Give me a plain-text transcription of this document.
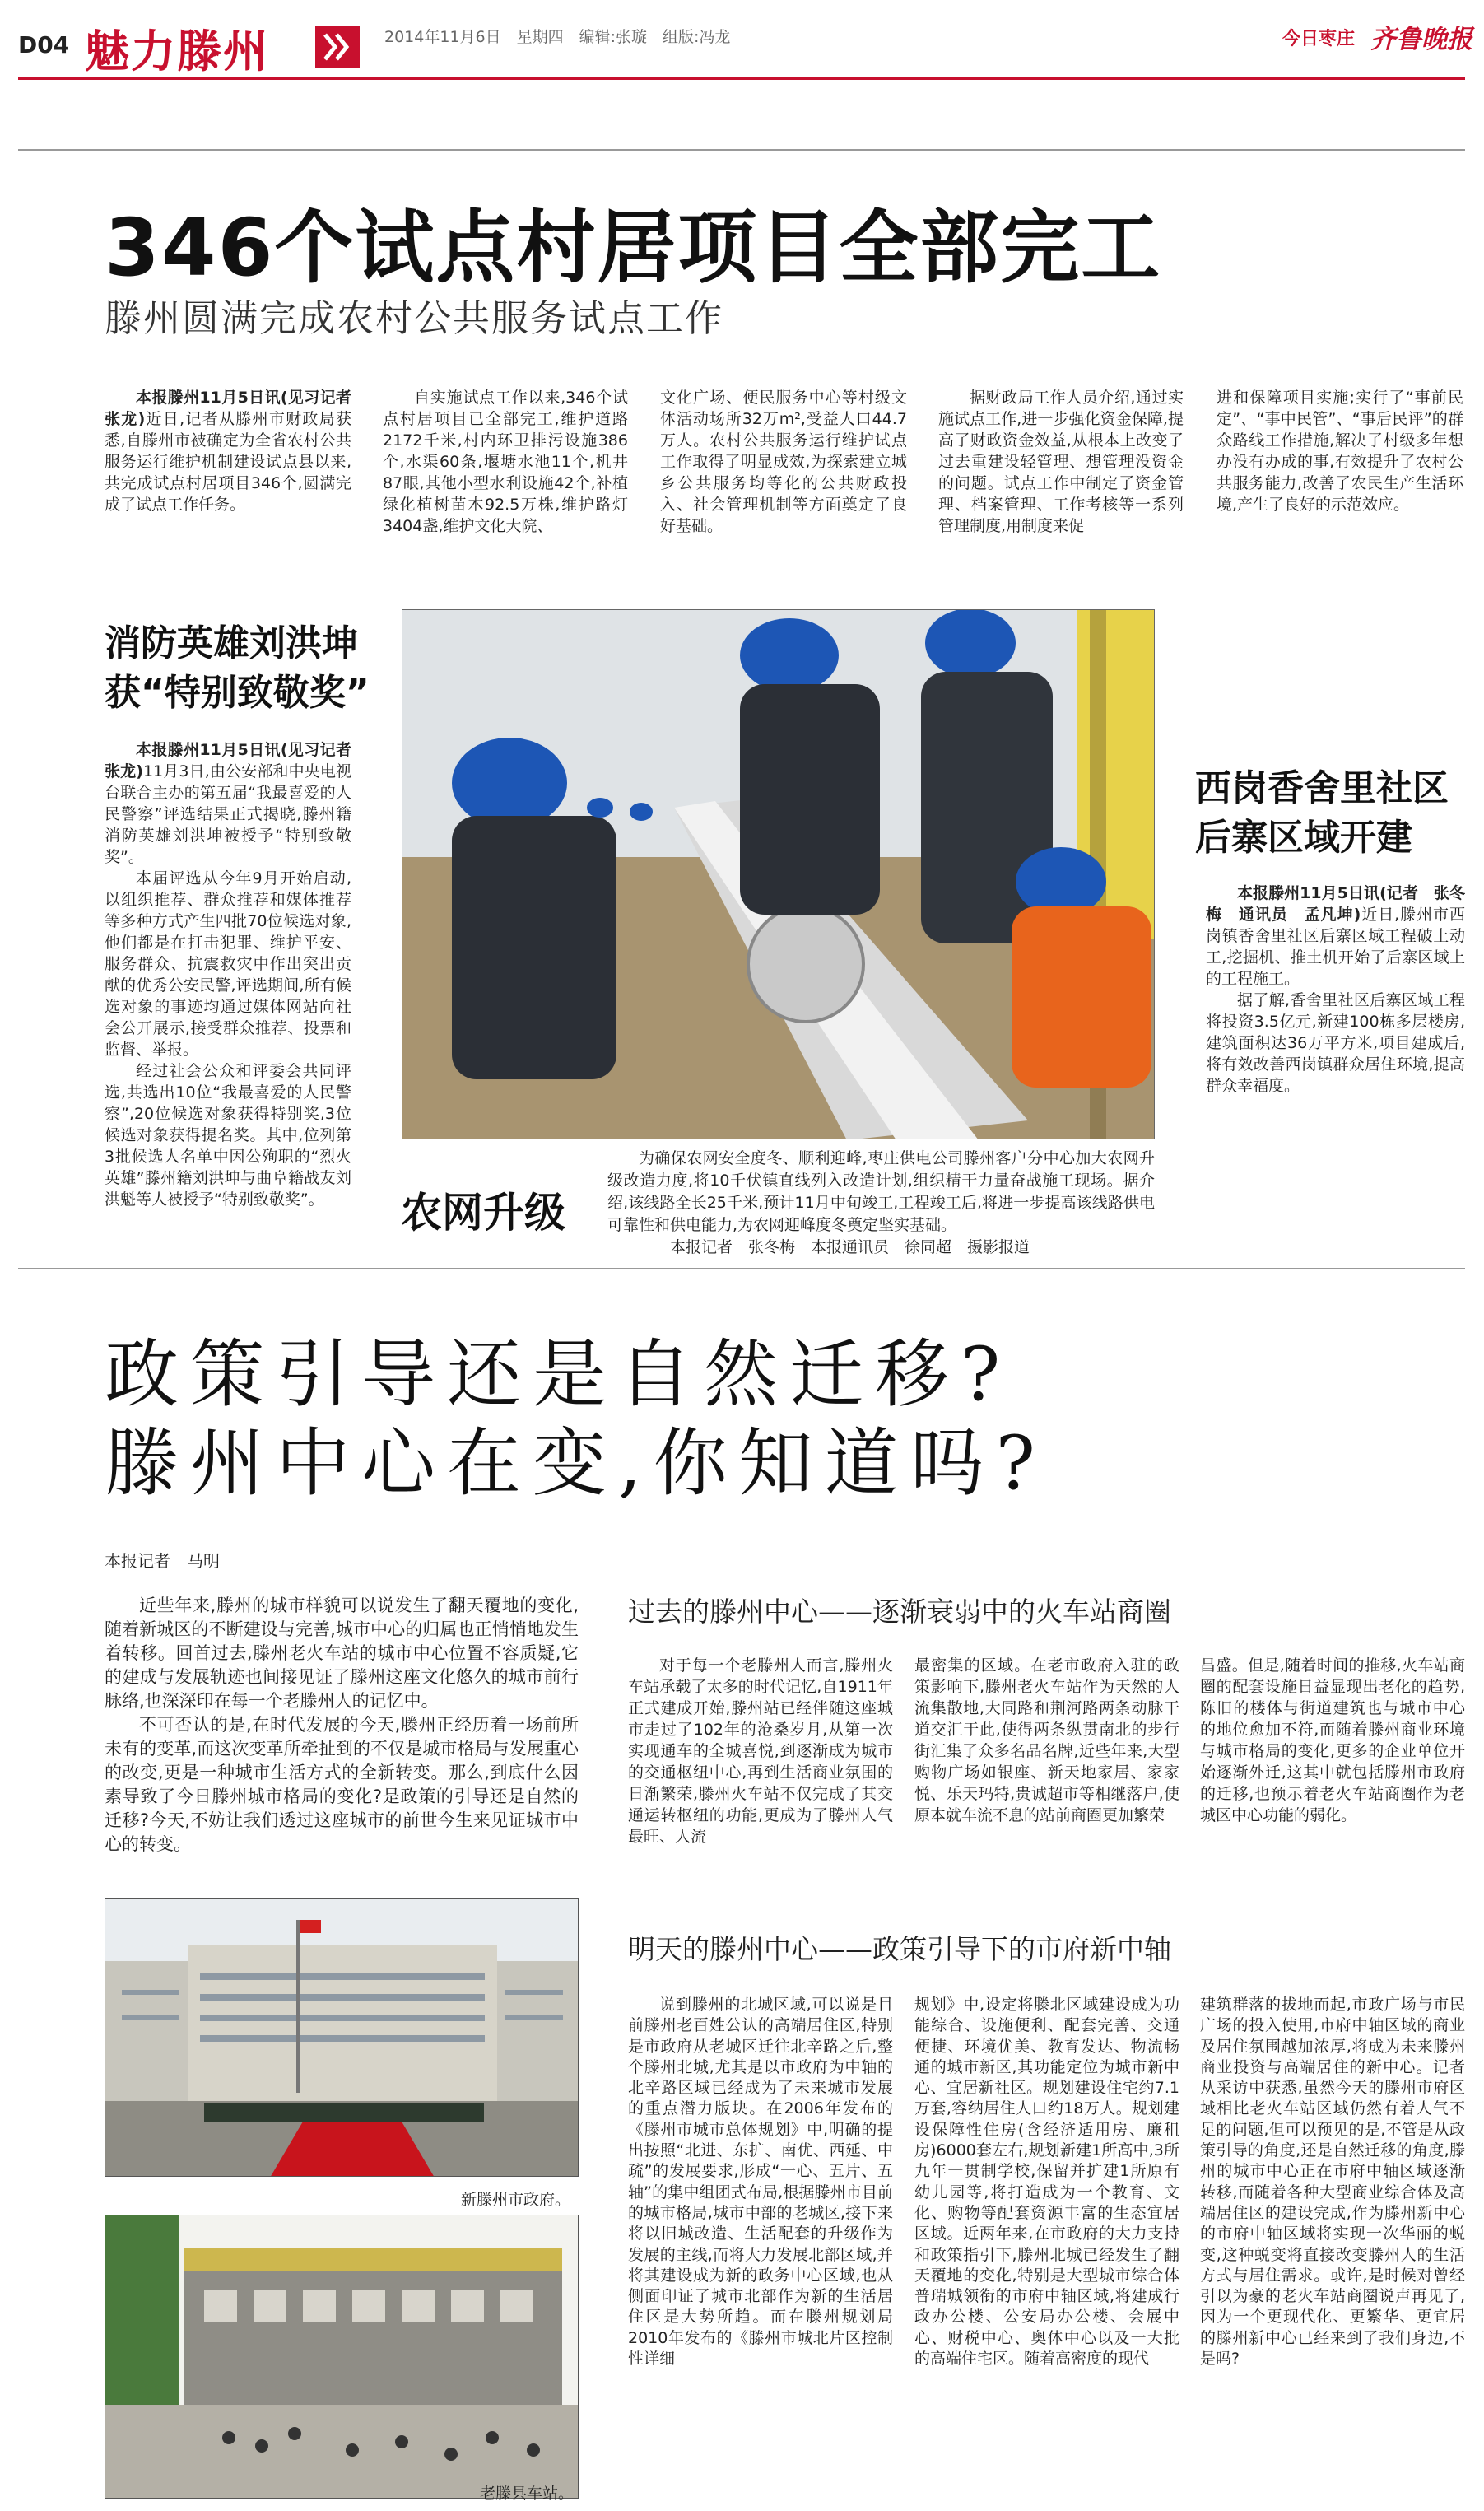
D04 魅力滕州	2014年11月6日　星期四　编辑:张璇　组版:冯龙	今日枣庄 齐鲁晚报
346个试点村居项目全部完工
滕州圆满完成农村公共服务试点工作

本报滕州11月5日讯(见习记者　张龙)近日,记者从滕州市财政局获悉,自滕州市被确定为全省农村公共服务运行维护机制建设试点县以来,共完成试点村居项目346个,圆满完成了试点工作任务。

自实施试点工作以来,346个试点村居项目已全部完工,维护道路2172千米,村内环卫排污设施386个,水渠60条,堰塘水池11个,机井87眼,其他小型水利设施42个,补植绿化植树苗木92.5万株,维护路灯3404盏,维护文化大院、

文化广场、便民服务中心等村级文体活动场所32万m²,受益人口44.7万人。农村公共服务运行维护试点工作取得了明显成效,为探索建立城乡公共服务均等化的公共财政投入、社会管理机制等方面奠定了良好基础。

据财政局工作人员介绍,通过实施试点工作,进一步强化资金保障,提高了财政资金效益,从根本上改变了过去重建设轻管理、想管理没资金的问题。试点工作中制定了资金管理、档案管理、工作考核等一系列管理制度,用制度来促

进和保障项目实施;实行了“事前民定”、“事中民管”、“事后民评”的群众路线工作措施,解决了村级多年想办没有办成的事,有效提升了农村公共服务能力,改善了农民生产生活环境,产生了良好的示范效应。

消防英雄刘洪坤
获“特别致敬奖”

本报滕州11月5日讯(见习记者　张龙)11月3日,由公安部和中央电视台联合主办的第五届“我最喜爱的人民警察”评选结果正式揭晓,滕州籍消防英雄刘洪坤被授予“特别致敬奖”。

本届评选从今年9月开始启动,以组织推荐、群众推荐和媒体推荐等多种方式产生四批70位候选对象,他们都是在打击犯罪、维护平安、服务群众、抗震救灾中作出突出贡献的优秀公安民警,评选期间,所有候选对象的事迹均通过媒体网站向社会公开展示,接受群众推荐、投票和监督、举报。

经过社会公众和评委会共同评选,共选出10位“我最喜爱的人民警察”,20位候选对象获得特别奖,3位候选对象获得提名奖。其中,位列第3批候选人名单中因公殉职的“烈火英雄”滕州籍刘洪坤与曲阜籍战友刘洪魁等人被授予“特别致敬奖”。

西岗香舍里社区
后寨区域开建

本报滕州11月5日讯(记者　张冬梅　通讯员　孟凡坤)近日,滕州市西岗镇香舍里社区后寨区域工程破土动工,挖掘机、推土机开始了后寨区域上的工程施工。

据了解,香舍里社区后寨区域工程将投资3.5亿元,新建100栋多层楼房,建筑面积达36万平方米,项目建成后,将有效改善西岗镇群众居住环境,提高群众幸福度。

农网升级

为确保农网安全度冬、顺利迎峰,枣庄供电公司滕州客户分中心加大农网升级改造力度,将10千伏镇直线列入改造计划,组织精干力量奋战施工现场。据介绍,该线路全长25千米,预计11月中旬竣工,工程竣工后,将进一步提高该线路供电可靠性和供电能力,为农网迎峰度冬奠定坚实基础。

本报记者　张冬梅　本报通讯员　徐同超　摄影报道

政策引导还是自然迁移?
滕州中心在变,你知道吗?
本报记者　马明

近些年来,滕州的城市样貌可以说发生了翻天覆地的变化,随着新城区的不断建设与完善,城市中心的归属也正悄悄地发生着转移。回首过去,滕州老火车站的城市中心位置不容质疑,它的建成与发展轨迹也间接见证了滕州这座文化悠久的城市前行脉络,也深深印在每一个老滕州人的记忆中。

不可否认的是,在时代发展的今天,滕州正经历着一场前所未有的变革,而这次变革所牵扯到的不仅是城市格局与发展重心的改变,更是一种城市生活方式的全新转变。那么,到底什么因素导致了今日滕州城市格局的变化?是政策的引导还是自然的迁移?今天,不妨让我们透过这座城市的前世今生来见证城市中心的转变。

过去的滕州中心——逐渐衰弱中的火车站商圈

对于每一个老滕州人而言,滕州火车站承载了太多的时代记忆,自1911年正式建成开始,滕州站已经伴随这座城市走过了102年的沧桑岁月,从第一次实现通车的全城喜悦,到逐渐成为城市的交通枢纽中心,再到生活商业氛围的日渐繁荣,滕州火车站不仅完成了其交通运转枢纽的功能,更成为了滕州人气最旺、人流

最密集的区域。在老市政府入驻的政策影响下,滕州老火车站作为天然的人流集散地,大同路和荆河路两条动脉干道交汇于此,使得两条纵贯南北的步行街汇集了众多名品名牌,近些年来,大型购物广场如银座、新天地家居、家家悦、乐天玛特,贵诚超市等相继落户,使原本就车流不息的站前商圈更加繁荣

昌盛。但是,随着时间的推移,火车站商圈的配套设施日益显现出老化的趋势,陈旧的楼体与街道建筑也与城市中心的地位愈加不符,而随着滕州商业环境与城市格局的变化,更多的企业单位开始逐渐外迁,这其中就包括滕州市政府的迁移,也预示着老火车站商圈作为老城区中心功能的弱化。

新滕州市政府。
老滕县车站。
明天的滕州中心——政策引导下的市府新中轴

说到滕州的北城区域,可以说是目前滕州老百姓公认的高端居住区,特别是市政府从老城区迁往北辛路之后,整个滕州北城,尤其是以市政府为中轴的北辛路区域已经成为了未来城市发展的重点潜力版块。在2006年发布的《滕州市城市总体规划》中,明确的提出按照“北进、东扩、南优、西延、中疏”的发展要求,形成“一心、五片、五轴”的集中组团式布局,根据滕州市目前的城市格局,城市中部的老城区,接下来将以旧城改造、生活配套的升级作为发展的主线,而将大力发展北部区域,并将其建设成为新的政务中心区域,也从侧面印证了城市北部作为新的生活居住区是大势所趋。而在滕州规划局2010年发布的《滕州市城北片区控制性详细

规划》中,设定将滕北区域建设成为功能综合、设施便利、配套完善、交通便捷、环境优美、教育发达、物流畅通的城市新区,其功能定位为城市新中心、宜居新社区。规划建设住宅约7.1万套,容纳居住人口约18万人。规划建设保障性住房(含经济适用房、廉租房)6000套左右,规划新建1所高中,3所九年一贯制学校,保留并扩建1所原有幼儿园等,将打造成为一个教育、文化、购物等配套资源丰富的生态宜居区域。近两年来,在市政府的大力支持和政策指引下,滕州北城已经发生了翻天覆地的变化,特别是大型城市综合体普瑞城领衔的市府中轴区域,将建成行政办公楼、公安局办公楼、会展中心、财税中心、奥体中心以及一大批的高端住宅区。随着高密度的现代

建筑群落的拔地而起,市政广场与市民广场的投入使用,市府中轴区域的商业及居住氛围越加浓厚,将成为未来滕州商业投资与高端居住的新中心。记者从采访中获悉,虽然今天的滕州市府区域相比老火车站区域仍然有着人气不足的问题,但可以预见的是,不管是从政策引导的角度,还是自然迁移的角度,滕州的城市中心正在市府中轴区域逐渐转移,而随着各种大型商业综合体及高端居住区的建设完成,作为滕州新中心的市府中轴区域将实现一次华丽的蜕变,这种蜕变将直接改变滕州人的生活方式与居住需求。或许,是时候对曾经引以为豪的老火车站商圈说声再见了,因为一个更现代化、更繁华、更宜居的滕州新中心已经来到了我们身边,不是吗?
